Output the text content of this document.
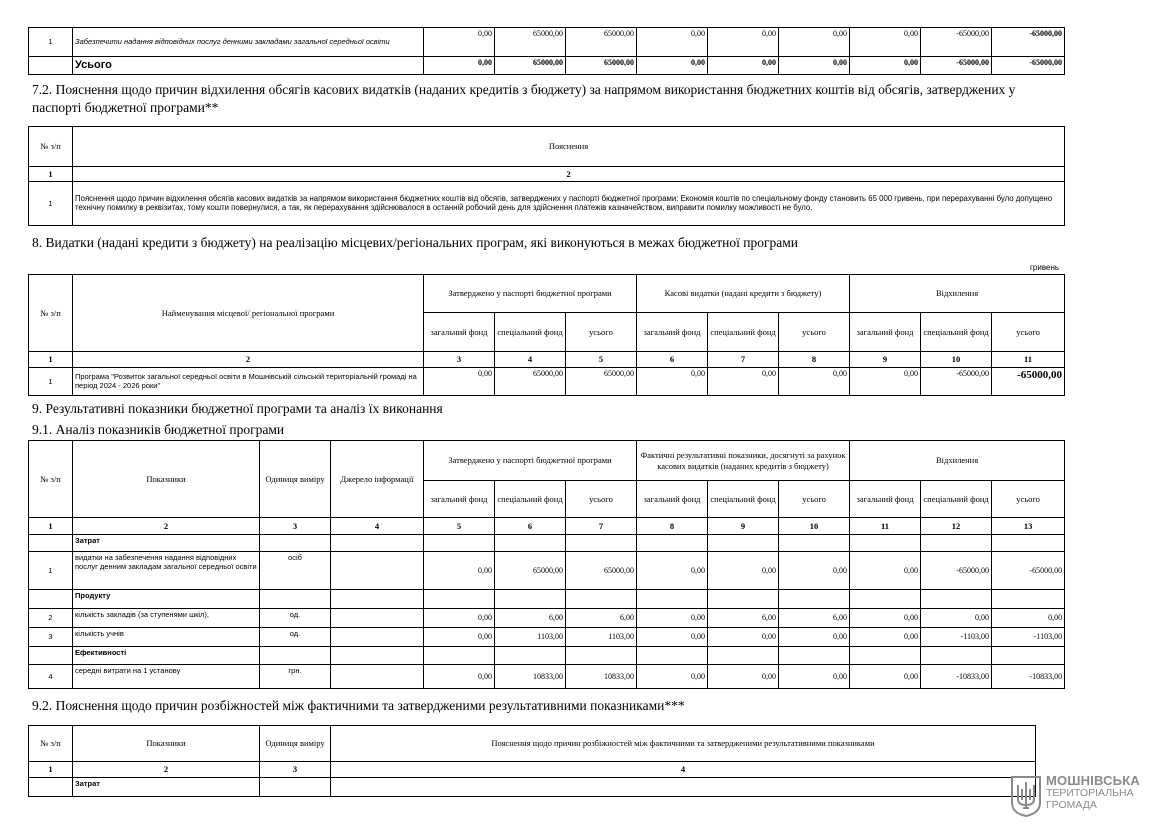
1	Забезпечити надання відповідних послуг денними закладами загальної середньої освіти	0,00	65000,00	65000,00	0,00	0,00	0,00	0,00	-65000,00	-65000,00
	Усього	0,00	65000,00	65000,00	0,00	0,00	0,00	0,00	-65000,00	-65000,00

7.2. Пояснення щодо причин відхилення обсягів касових видатків (наданих кредитів з бюджету) за напрямом використання бюджетних коштів від обсягів, затверджених у паспорті бюджетної програми**

№ з/п	Пояснення
1	2
1	Пояснення щодо причин відхилення обсягів касових видатків за напрямом використання бюджетних коштів від обсягів, затверджених у паспорті бюджетної програми: Економія коштів по спеціальному фонду становить 65 000 гривень, при перерахуванні було допущено технічну помилку в реквізитах, тому кошти повернулися, а так, як перерахування здійснювалося в останній робочий день для здійснення платежів казначейством, виправити помилку можливості не було.

8. Видатки (надані кредити з бюджету) на реалізацію місцевих/регіональних програм, які виконуються в межах бюджетної програми

гривень
№ з/п	Найменування місцевої/ регіональної програми	Затверджено у паспорті бюджетної програми			Касові видатки (надані кредити з бюджету)			Відхилення		
		загальний фонд	спеціальний фонд	усього	загальний фонд	спеціальний фонд	усього	загальний фонд	спеціальний фонд	усього
1	2	3	4	5	6	7	8	9	10	11
1	Програма "Розвиток загальної середньої освіти в Мошнівській сільській територіальній громаді на період 2024 - 2026 роки"	0,00	65000,00	65000,00	0,00	0,00	0,00	0,00	-65000,00	-65000,00

9. Результативні показники бюджетної програми та аналіз їх виконання

9.1. Аналіз показників бюджетної програми

№ з/п	Показники	Одиниця виміру	Джерело інформації	Затверджено у паспорті бюджетної програми			Фактичні результативні показники, досягнуті за рахунок касових видатків (наданих кредитів з бюджету)			Відхилення		
				загальний фонд	спеціальний фонд	усього	загальний фонд	спеціальний фонд	усього	загальний фонд	спеціальний фонд	усього
1	2	3	4	5	6	7	8	9	10	11	12	13
	Затрат											
1	видатки на забезпечення надання відповідних послуг денним закладам загальної середньої освіти	осіб		0,00	65000,00	65000,00	0,00	0,00	0,00	0,00	-65000,00	-65000,00
	Продукту											
2	кількість закладів (за ступенями шкіл),	од.		0,00	6,00	6,00	0,00	6,00	6,00	0,00	0,00	0,00
3	кількість учнів	од.		0,00	1103,00	1103,00	0,00	0,00	0,00	0,00	-1103,00	-1103,00
	Ефективності											
4	середні витрати на 1 установу	грн.		0,00	10833,00	10833,00	0,00	0,00	0,00	0,00	-10833,00	-10833,00

9.2. Пояснення щодо причин розбіжностей між фактичними та затвердженими результативними показниками***

№ з/п	Показники	Одиниця виміру	Пояснення щодо причин розбіжностей між фактичними та затвердженими результативними показниками
1	2	3	4
	Затрат			МОШНІВСЬКА
ТЕРИТОРІАЛЬНА
ГРОМАДА
